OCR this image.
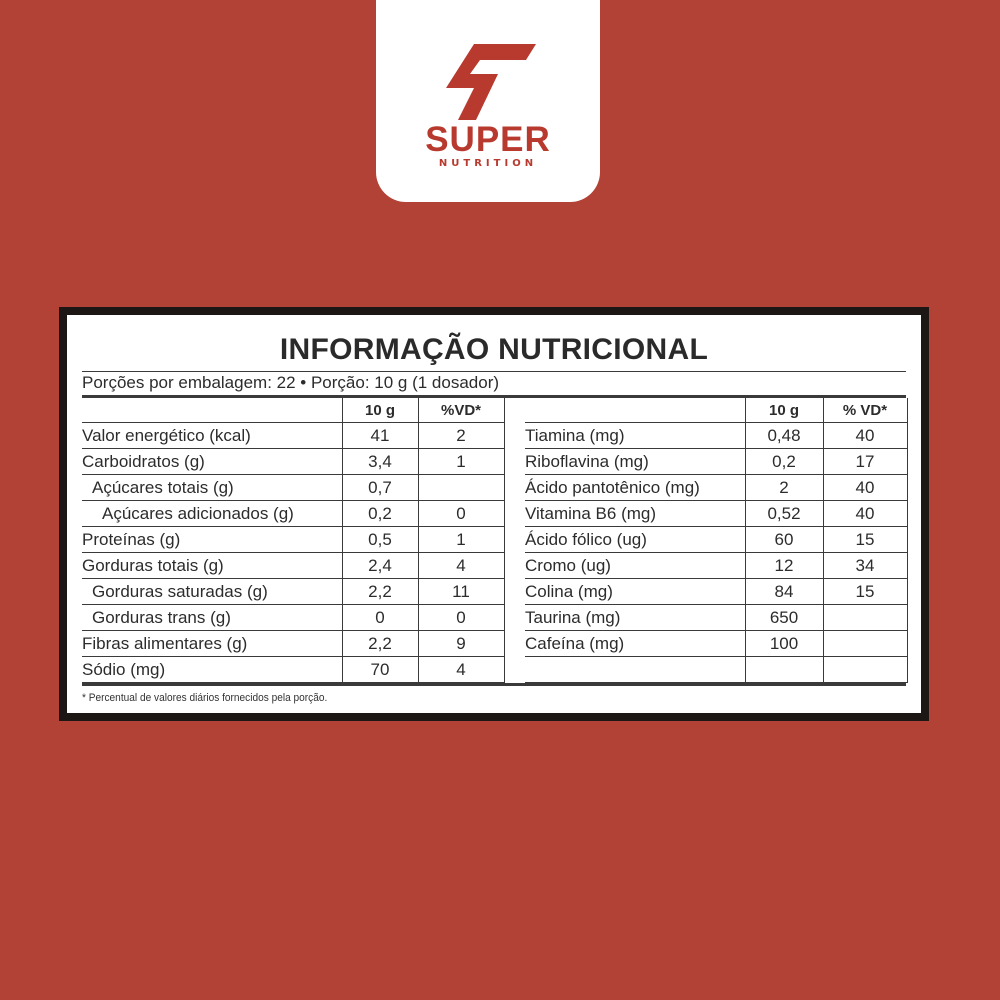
SUPER
NUTRITION
INFORMAÇÃO NUTRICIONAL
Porções por embalagem: 22 • Porção: 10 g (1 dosador)
* Percentual de valores diários fornecidos pela porção.
10 g	%VD*
Valor energético (kcal)	41	2
Carboidratos (g)	3,4	1
Açúcares totais (g)	0,7
Açúcares adicionados (g)	0,2	0
Proteínas (g)	0,5	1
Gorduras totais (g)	2,4	4
Gorduras saturadas (g)	2,2	11
Gorduras trans (g)	0	0
Fibras alimentares (g)	2,2	9
Sódio (mg)	70	4
10 g	% VD*
Tiamina (mg)	0,48	40
Riboflavina (mg)	0,2	17
Ácido pantotênico (mg)	2	40
Vitamina B6 (mg)	0,52	40
Ácido fólico (ug)	60	15
Cromo (ug)	12	34
Colina (mg)	84	15
Taurina (mg)	650
Cafeína (mg)	100
